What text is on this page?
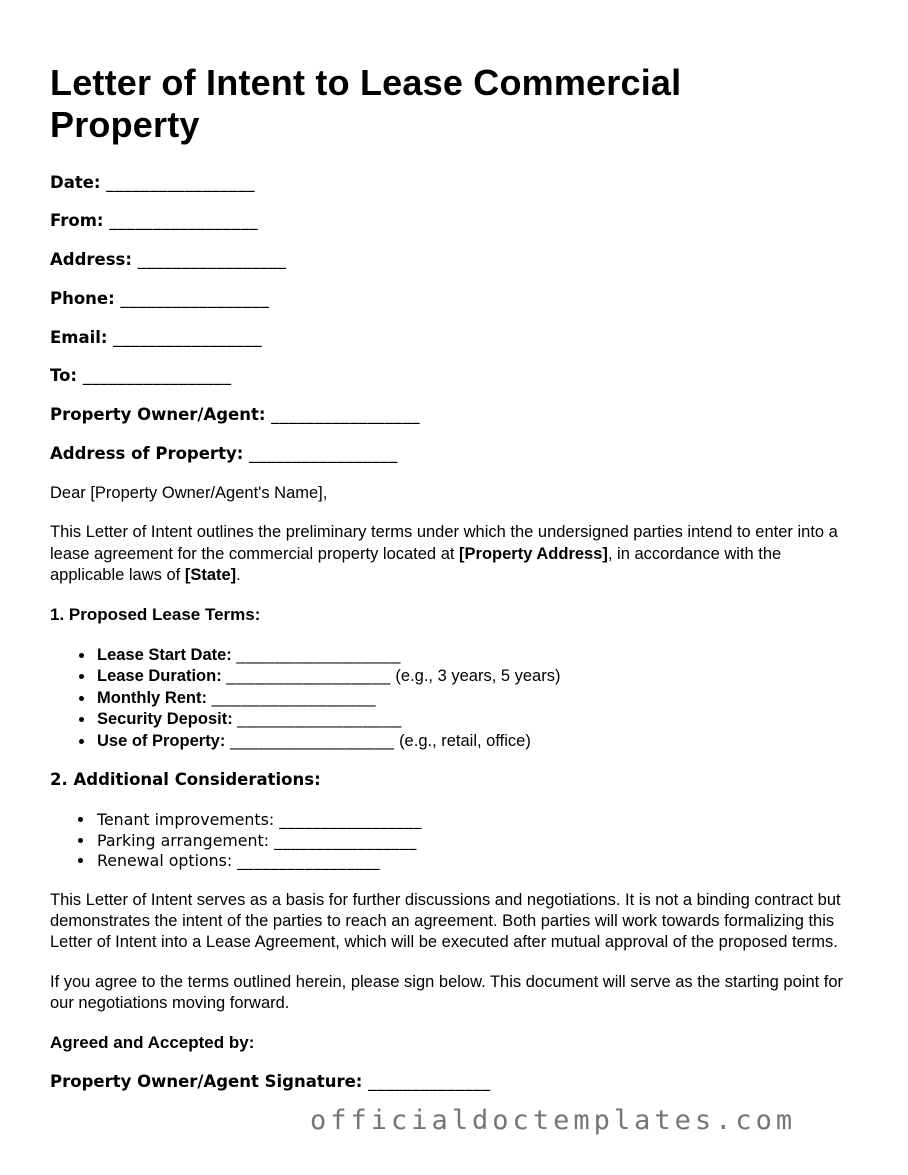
Letter of Intent to Lease Commercial Property

Date: _________________

From: _________________

Address: _________________

Phone: _________________

Email: _________________

To: _________________

Property Owner/Agent: _________________

Address of Property: _________________

Dear [Property Owner/Agent's Name],

This Letter of Intent outlines the preliminary terms under which the undersigned parties intend to enter into a lease agreement for the commercial property located at [Property Address], in accordance with the applicable laws of [State].

1. Proposed Lease Terms:
• Lease Start Date: _________________
• Lease Duration: _________________ (e.g., 3 years, 5 years)
• Monthly Rent: _________________
• Security Deposit: _________________
• Use of Property: _________________ (e.g., retail, office)
2. Additional Considerations:
• Tenant improvements: _________________
• Parking arrangement: _________________
• Renewal options: _________________

This Letter of Intent serves as a basis for further discussions and negotiations. It is not a binding contract but demonstrates the intent of the parties to reach an agreement. Both parties will work towards formalizing this Letter of Intent into a Lease Agreement, which will be executed after mutual approval of the proposed terms.

If you agree to the terms outlined herein, please sign below. This document will serve as the starting point for our negotiations moving forward.

Agreed and Accepted by:

Property Owner/Agent Signature: ______________

officialdoctemplates.com
